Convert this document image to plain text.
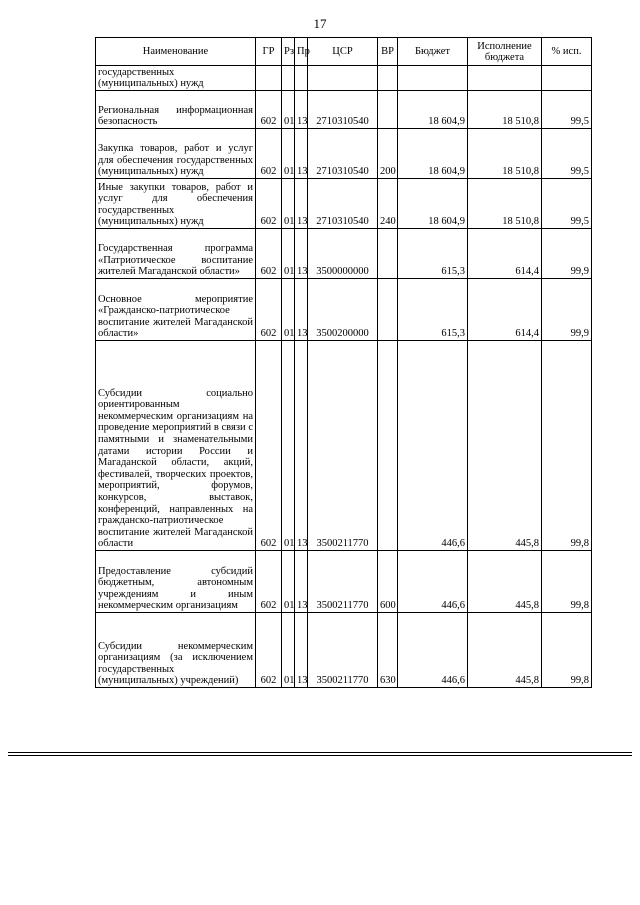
17
Наименование	ГР	Рз	Пр	ЦСР	ВР	Бюджет	Исполнение бюджета	% исп.
государственных (муниципальных) нужд								
Региональная информационная безопасность	602	01	13	2710310540		18 604,9	18 510,8	99,5
Закупка товаров, работ и услуг для обеспечения государственных (муниципальных) нужд	602	01	13	2710310540	200	18 604,9	18 510,8	99,5
Иные закупки товаров, работ и услуг для обеспечения государственных (муниципальных) нужд	602	01	13	2710310540	240	18 604,9	18 510,8	99,5
Государственная программа «Патриотическое воспитание жителей Магаданской области»	602	01	13	3500000000		615,3	614,4	99,9
Основное мероприятие «Гражданско-патриотическое воспитание жителей Магаданской области»	602	01	13	3500200000		615,3	614,4	99,9
Субсидии социально ориентированным некоммерческим организациям на проведение мероприятий в связи с памятными и знаменательными датами истории России и Магаданской области, акций, фестивалей, творческих проектов, мероприятий, форумов, конкурсов, выставок, конференций, направленных на гражданско-патриотическое воспитание жителей Магаданской области	602	01	13	3500211770		446,6	445,8	99,8
Предоставление субсидий бюджетным, автономным учреждениям и иным некоммерческим организациям	602	01	13	3500211770	600	446,6	445,8	99,8
Субсидии некоммерческим организациям (за исключением государственных (муниципальных) учреждений)	602	01	13	3500211770	630	446,6	445,8	99,8
